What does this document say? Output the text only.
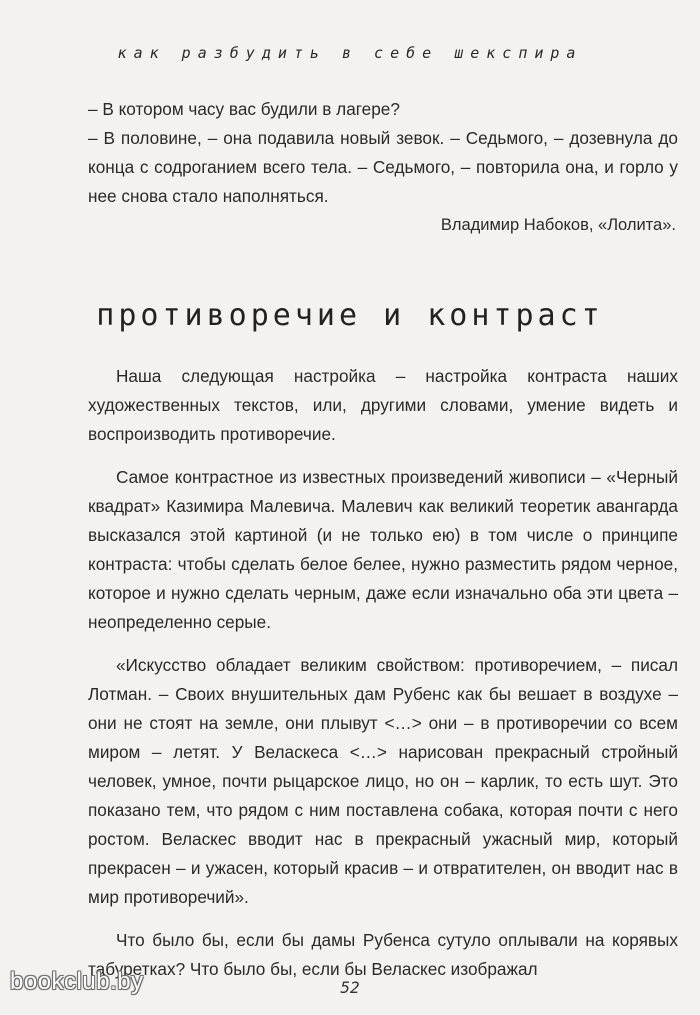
как разбудить в себе шекспира

– В котором часу вас будили в лагере?

– В половине, – она подавила новый зевок. – Седьмого, – дозевнула до конца с содроганием всего тела. – Седьмого, – повторила она, и горло у нее снова стало наполняться.

Владимир Набоков, «Лолита».
противоречие и контраст

Наша следующая настройка – настройка контраста наших художественных текстов, или, другими словами, умение видеть и воспроизводить противоречие.

Самое контрастное из известных произведений живописи – «Черный квадрат» Казимира Малевича. Малевич как великий теоретик авангарда высказался этой картиной (и не только ею) в том числе о принципе контраста: чтобы сделать белое белее, нужно разместить рядом черное, которое и нужно сделать черным, даже если изначально оба эти цвета – неопределенно серые.

«Искусство обладает великим свойством: противоречием, – писал Лотман. – Своих внушительных дам Рубенс как бы вешает в воздухе – они не стоят на земле, они плывут <…> они – в противоречии со всем миром – летят. У Веласкеса <…> нарисован прекрасный стройный человек, умное, почти рыцарское лицо, но он – карлик, то есть шут. Это показано тем, что рядом с ним поставлена собака, которая почти с него ростом. Веласкес вводит нас в прекрасный ужасный мир, который прекрасен – и ужасен, который красив – и отвратителен, он вводит нас в мир противоречий».

Что было бы, если бы дамы Рубенса сутуло оплывали на корявых табуретках? Что было бы, если бы Веласкес изображал

bookclub.by	52
